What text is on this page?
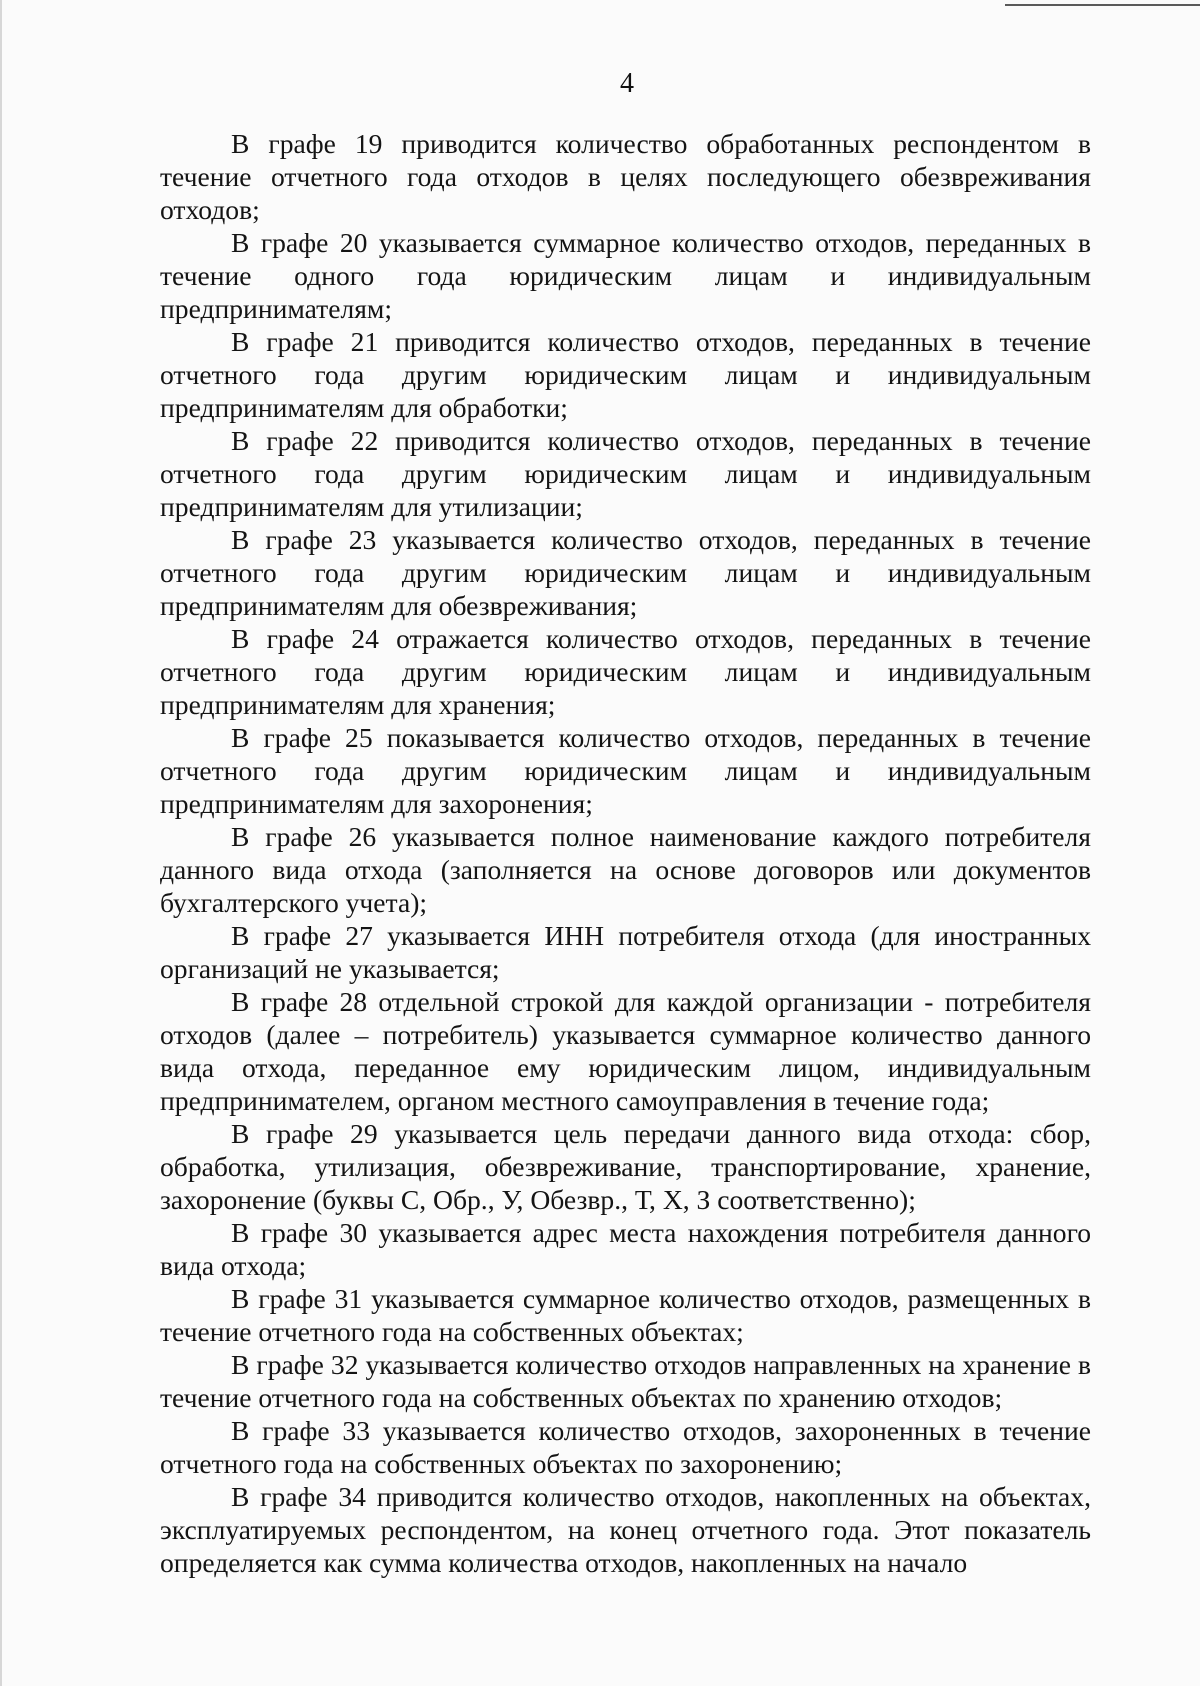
4

В графе 19 приводится количество обработанных респондентом в течение отчетного года отходов в целях последующего обезвреживания отходов;

В графе 20 указывается суммарное количество отходов, переданных в течение одного года юридическим лицам и индивидуальным предпринимателям;

В графе 21 приводится количество отходов, переданных в течение отчетного года другим юридическим лицам и индивидуальным предпринимателям для обработки;

В графе 22 приводится количество отходов, переданных в течение отчетного года другим юридическим лицам и индивидуальным предпринимателям для утилизации;

В графе 23 указывается количество отходов, переданных в течение отчетного года другим юридическим лицам и индивидуальным предпринимателям для обезвреживания;

В графе 24 отражается количество отходов, переданных в течение отчетного года другим юридическим лицам и индивидуальным предпринимателям для хранения;

В графе 25 показывается количество отходов, переданных в течение отчетного года другим юридическим лицам и индивидуальным предпринимателям для захоронения;

В графе 26 указывается полное наименование каждого потребителя данного вида отхода (заполняется на основе договоров или документов бухгалтерского учета);

В графе 27 указывается ИНН потребителя отхода (для иностранных организаций не указывается;

В графе 28 отдельной строкой для каждой организации - потребителя отходов (далее – потребитель) указывается суммарное количество данного вида отхода, переданное ему юридическим лицом, индивидуальным предпринимателем, органом местного самоуправления в течение года;

В графе 29 указывается цель передачи данного вида отхода: сбор, обработка, утилизация, обезвреживание, транспортирование, хранение, захоронение (буквы С, Обр., У, Обезвр., Т, Х, З соответственно);

В графе 30 указывается адрес места нахождения потребителя данного вида отхода;

В графе 31 указывается суммарное количество отходов, размещенных в течение отчетного года на собственных объектах;

В графе 32 указывается количество отходов направленных на хранение в течение отчетного года на собственных объектах по хранению отходов;

В графе 33 указывается количество отходов, захороненных в течение отчетного года на собственных объектах по захоронению;

В графе 34 приводится количество отходов, накопленных на объектах, эксплуатируемых респондентом, на конец отчетного года. Этот показатель определяется как сумма количества отходов, накопленных на начало
